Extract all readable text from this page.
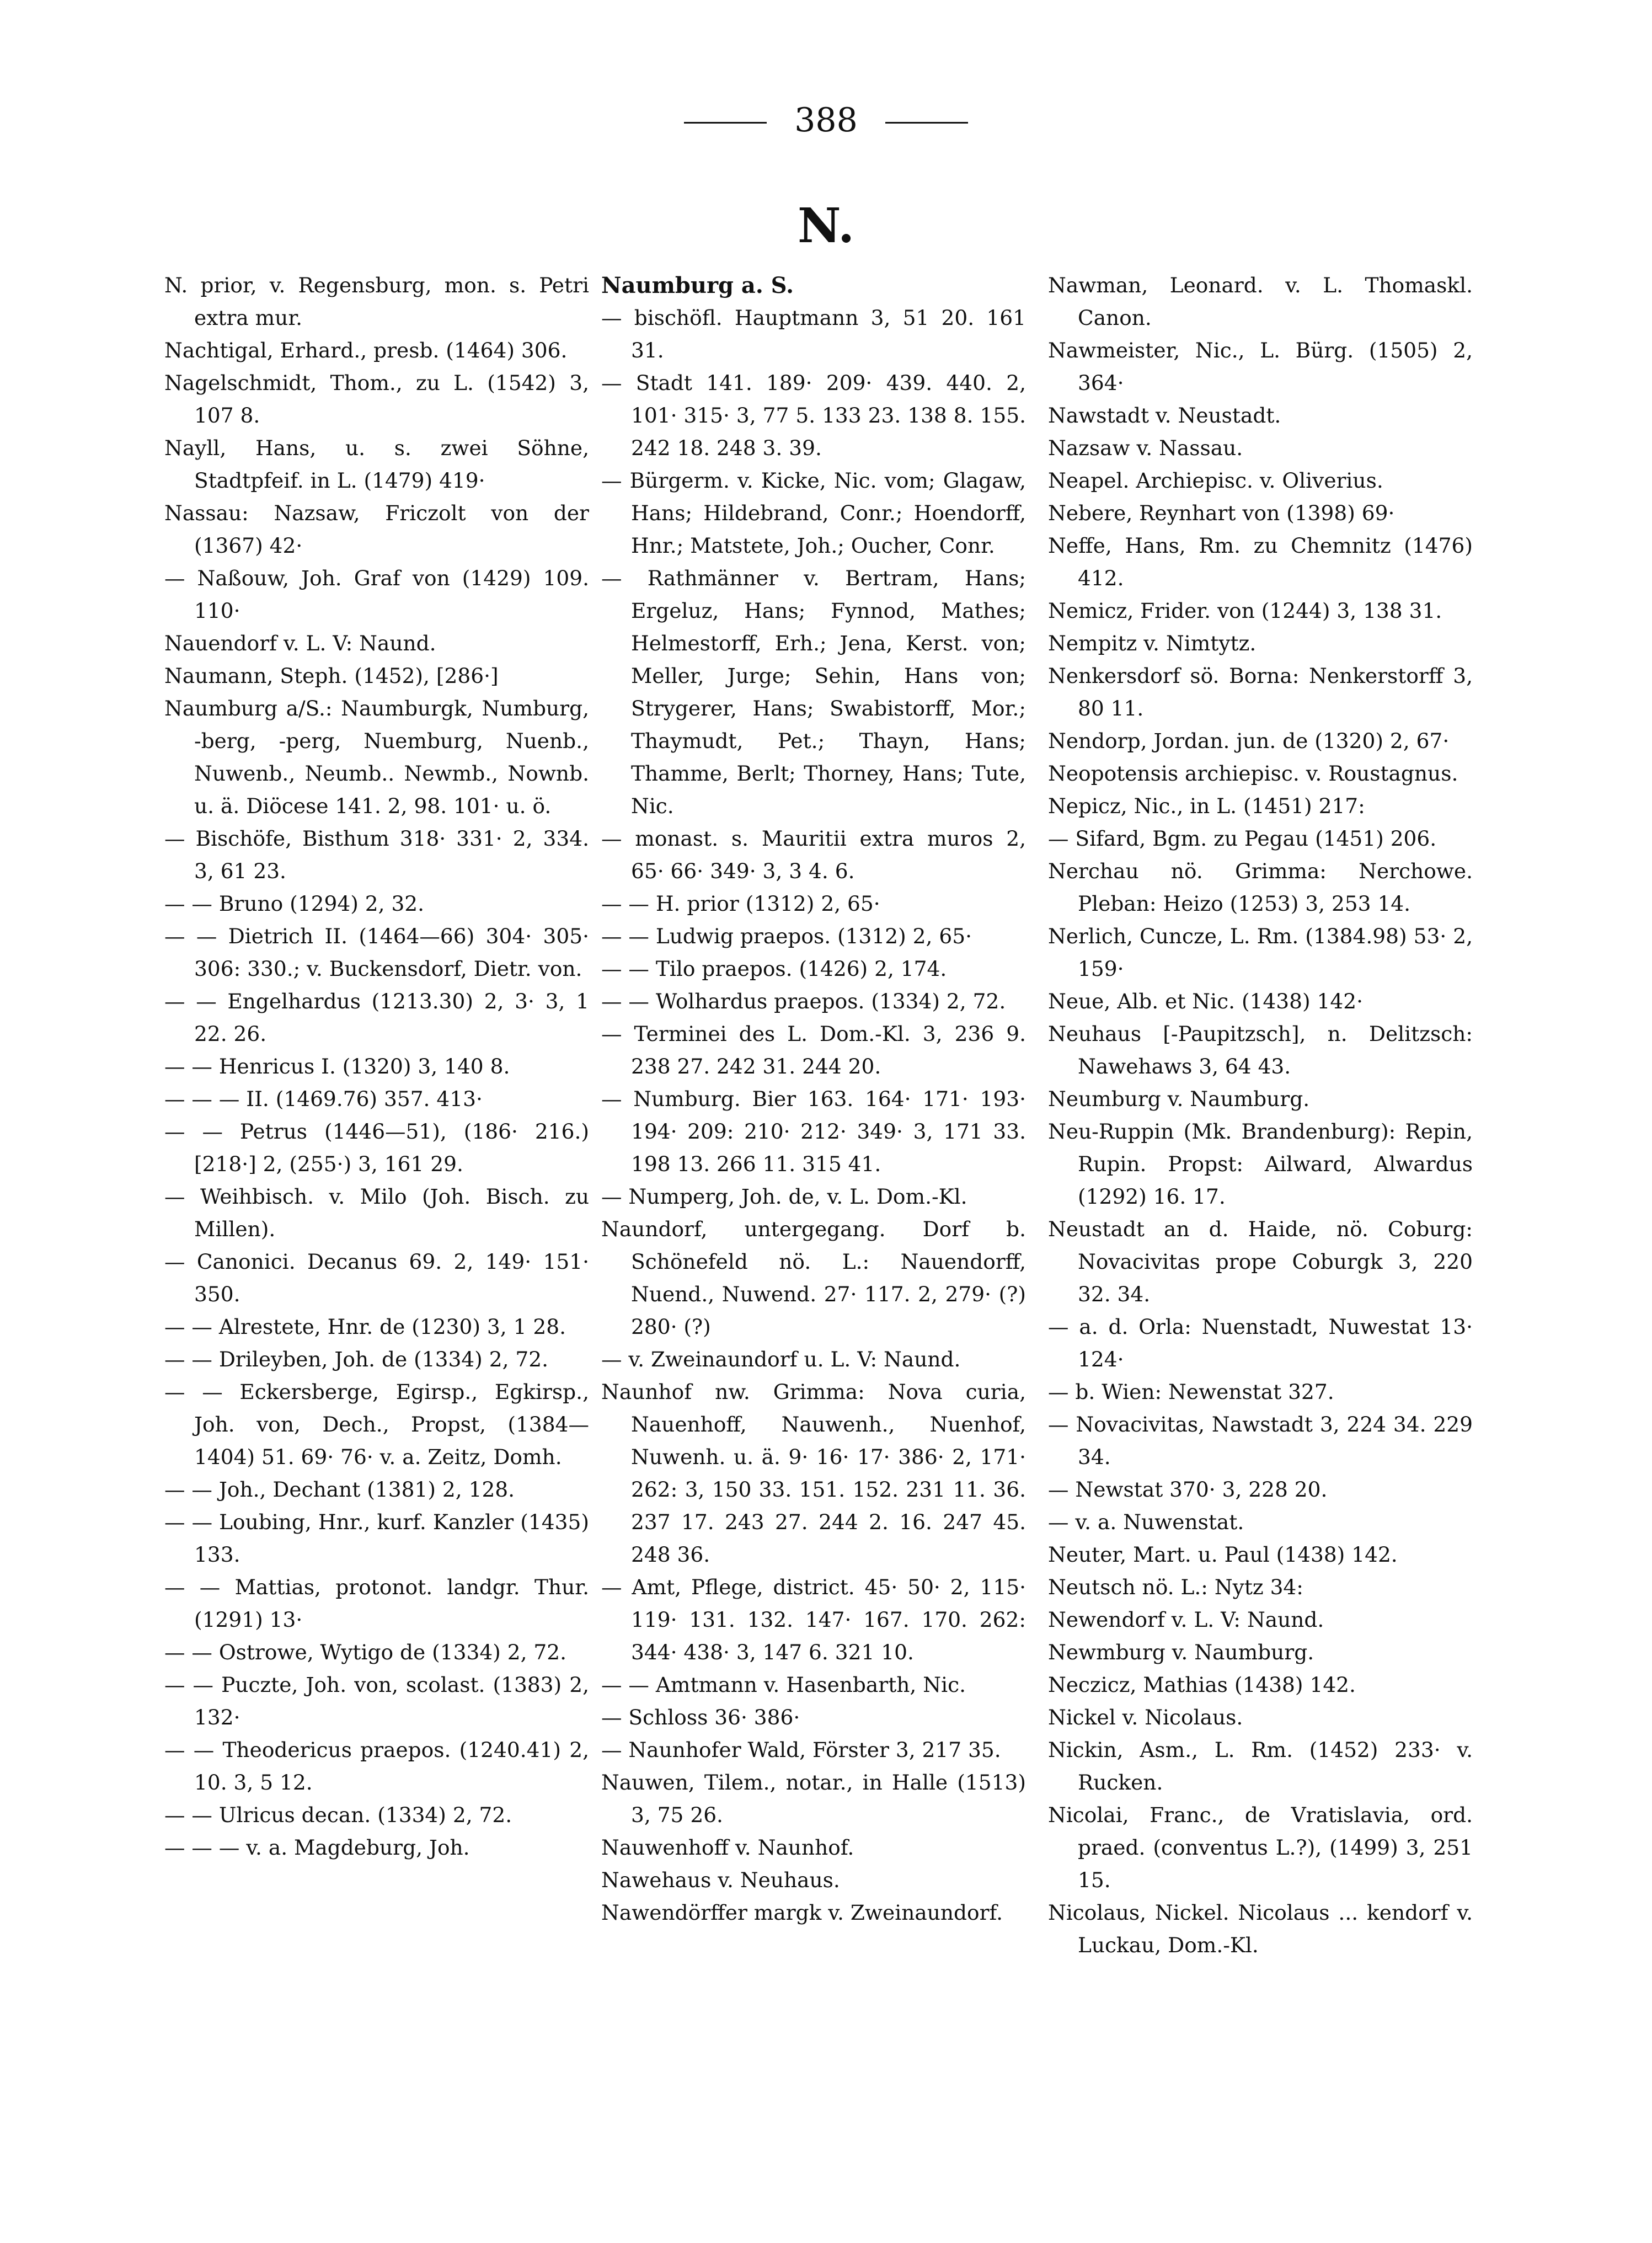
388
N.

N. prior, v. Regensburg, mon. s. Petri extra mur.

Nachtigal, Erhard., presb. (1464) 306.

Nagelschmidt, Thom., zu L. (1542) 3, 107 8.

Nayll, Hans, u. s. zwei Söhne, Stadtpfeif. in L. (1479) 419·

Nassau: Nazsaw, Friczolt von der (1367) 42·

— Naßouw, Joh. Graf von (1429) 109. 110·

Nauendorf v. L. V: Naund.

Naumann, Steph. (1452), [286·]

Naumburg a/S.: Naumburgk, Numburg, -berg, -perg, Nuemburg, Nuenb., Nuwenb., Neumb.. Newmb., Nownb. u. ä. Diöcese 141. 2, 98. 101· u. ö.

— Bischöfe, Bisthum 318· 331· 2, 334. 3, 61 23.

— — Bruno (1294) 2, 32.

— — Dietrich II. (1464—66) 304· 305· 306: 330.; v. Buckensdorf, Dietr. von.

— — Engelhardus (1213.30) 2, 3· 3, 1 22. 26.

— — Henricus I. (1320) 3, 140 8.

— — — II. (1469.76) 357. 413·

— — Petrus (1446—51), (186· 216.) [218·] 2, (255·) 3, 161 29.

— Weihbisch. v. Milo (Joh. Bisch. zu Millen).

— Canonici. Decanus 69. 2, 149· 151· 350.

— — Alrestete, Hnr. de (1230) 3, 1 28.

— — Drileyben, Joh. de (1334) 2, 72.

— — Eckersberge, Egirsp., Egkirsp., Joh. von, Dech., Propst, (1384—1404) 51. 69· 76· v. a. Zeitz, Domh.

— — Joh., Dechant (1381) 2, 128.

— — Loubing, Hnr., kurf. Kanzler (1435) 133.

— — Mattias, protonot. landgr. Thur. (1291) 13·

— — Ostrowe, Wytigo de (1334) 2, 72.

— — Puczte, Joh. von, scolast. (1383) 2, 132·

— — Theodericus praepos. (1240.41) 2, 10. 3, 5 12.

— — Ulricus decan. (1334) 2, 72.

— — — v. a. Magdeburg, Joh.

Naumburg a. S.

— bischöfl. Hauptmann 3, 51 20. 161 31.

— Stadt 141. 189· 209· 439. 440. 2, 101· 315· 3, 77 5. 133 23. 138 8. 155. 242 18. 248 3. 39.

— Bürgerm. v. Kicke, Nic. vom; Glagaw, Hans; Hildebrand, Conr.; Hoendorff, Hnr.; Matstete, Joh.; Oucher, Conr.

— Rathmänner v. Bertram, Hans; Ergeluz, Hans; Fynnod, Mathes; Helmestorff, Erh.; Jena, Kerst. von; Meller, Jurge; Sehin, Hans von; Strygerer, Hans; Swabistorff, Mor.; Thaymudt, Pet.; Thayn, Hans; Thamme, Berlt; Thorney, Hans; Tute, Nic.

— monast. s. Mauritii extra muros 2, 65· 66· 349· 3, 3 4. 6.

— — H. prior (1312) 2, 65·

— — Ludwig praepos. (1312) 2, 65·

— — Tilo praepos. (1426) 2, 174.

— — Wolhardus praepos. (1334) 2, 72.

— Terminei des L. Dom.-Kl. 3, 236 9. 238 27. 242 31. 244 20.

— Numburg. Bier 163. 164· 171· 193· 194· 209: 210· 212· 349· 3, 171 33. 198 13. 266 11. 315 41.

— Numperg, Joh. de, v. L. Dom.-Kl.

Naundorf, untergegang. Dorf b. Schönefeld nö. L.: Nauendorff, Nuend., Nuwend. 27· 117. 2, 279· (?) 280· (?)

— v. Zweinaundorf u. L. V: Naund.

Naunhof nw. Grimma: Nova curia, Nauenhoff, Nauwenh., Nuenhof, Nuwenh. u. ä. 9· 16· 17· 386· 2, 171· 262: 3, 150 33. 151. 152. 231 11. 36. 237 17. 243 27. 244 2. 16. 247 45. 248 36.

— Amt, Pflege, district. 45· 50· 2, 115· 119· 131. 132. 147· 167. 170. 262: 344· 438· 3, 147 6. 321 10.

— — Amtmann v. Hasenbarth, Nic.

— Schloss 36· 386·

— Naunhofer Wald, Förster 3, 217 35.

Nauwen, Tilem., notar., in Halle (1513) 3, 75 26.

Nauwenhoff v. Naunhof.

Nawehaus v. Neuhaus.

Nawendörffer margk v. Zweinaundorf.

Nawman, Leonard. v. L. Thomaskl. Canon.

Nawmeister, Nic., L. Bürg. (1505) 2, 364·

Nawstadt v. Neustadt.

Nazsaw v. Nassau.

Neapel. Archiepisc. v. Oliverius.

Nebere, Reynhart von (1398) 69·

Neffe, Hans, Rm. zu Chemnitz (1476) 412.

Nemicz, Frider. von (1244) 3, 138 31.

Nempitz v. Nimtytz.

Nenkersdorf sö. Borna: Nenkerstorff 3, 80 11.

Nendorp, Jordan. jun. de (1320) 2, 67·

Neopotensis archiepisc. v. Roustagnus.

Nepicz, Nic., in L. (1451) 217:

— Sifard, Bgm. zu Pegau (1451) 206.

Nerchau nö. Grimma: Nerchowe. Pleban: Heizo (1253) 3, 253 14.

Nerlich, Cuncze, L. Rm. (1384.98) 53· 2, 159·

Neue, Alb. et Nic. (1438) 142·

Neuhaus [-Paupitzsch], n. Delitzsch: Nawehaws 3, 64 43.

Neumburg v. Naumburg.

Neu-Ruppin (Mk. Brandenburg): Repin, Rupin. Propst: Ailward, Alwardus (1292) 16. 17.

Neustadt an d. Haide, nö. Coburg: Novacivitas prope Coburgk 3, 220 32. 34.

— a. d. Orla: Nuenstadt, Nuwestat 13· 124·

— b. Wien: Newenstat 327.

— Novacivitas, Nawstadt 3, 224 34. 229 34.

— Newstat 370· 3, 228 20.

— v. a. Nuwenstat.

Neuter, Mart. u. Paul (1438) 142.

Neutsch nö. L.: Nytz 34:

Newendorf v. L. V: Naund.

Newmburg v. Naumburg.

Neczicz, Mathias (1438) 142.

Nickel v. Nicolaus.

Nickin, Asm., L. Rm. (1452) 233· v. Rucken.

Nicolai, Franc., de Vratislavia, ord. praed. (conventus L.?), (1499) 3, 251 15.

Nicolaus, Nickel. Nicolaus ... kendorf v. Luckau, Dom.-Kl.
